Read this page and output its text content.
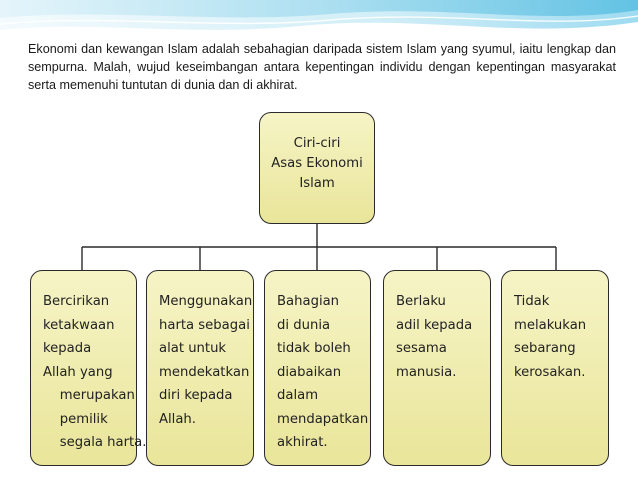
Ekonomi dan kewangan Islam adalah sebahagian daripada sistem Islam yang syumul, iaitu lengkap dan sempurna. Malah, wujud keseimbangan antara kepentingan individu dengan kepentingan masyarakat serta memenuhi tuntutan di dunia dan di akhirat.

Ciri-ciri
Asas Ekonomi
Islam
Bercirikan
ketakwaan
kepada
Allah yang
merupakan
pemilik
segala harta.
Menggunakan
harta sebagai
alat untuk
mendekatkan
diri kepada
Allah.
Bahagian
di dunia
tidak boleh
diabaikan
dalam
mendapatkan
akhirat.
Berlaku
adil kepada
sesama
manusia.
Tidak
melakukan
sebarang
kerosakan.
